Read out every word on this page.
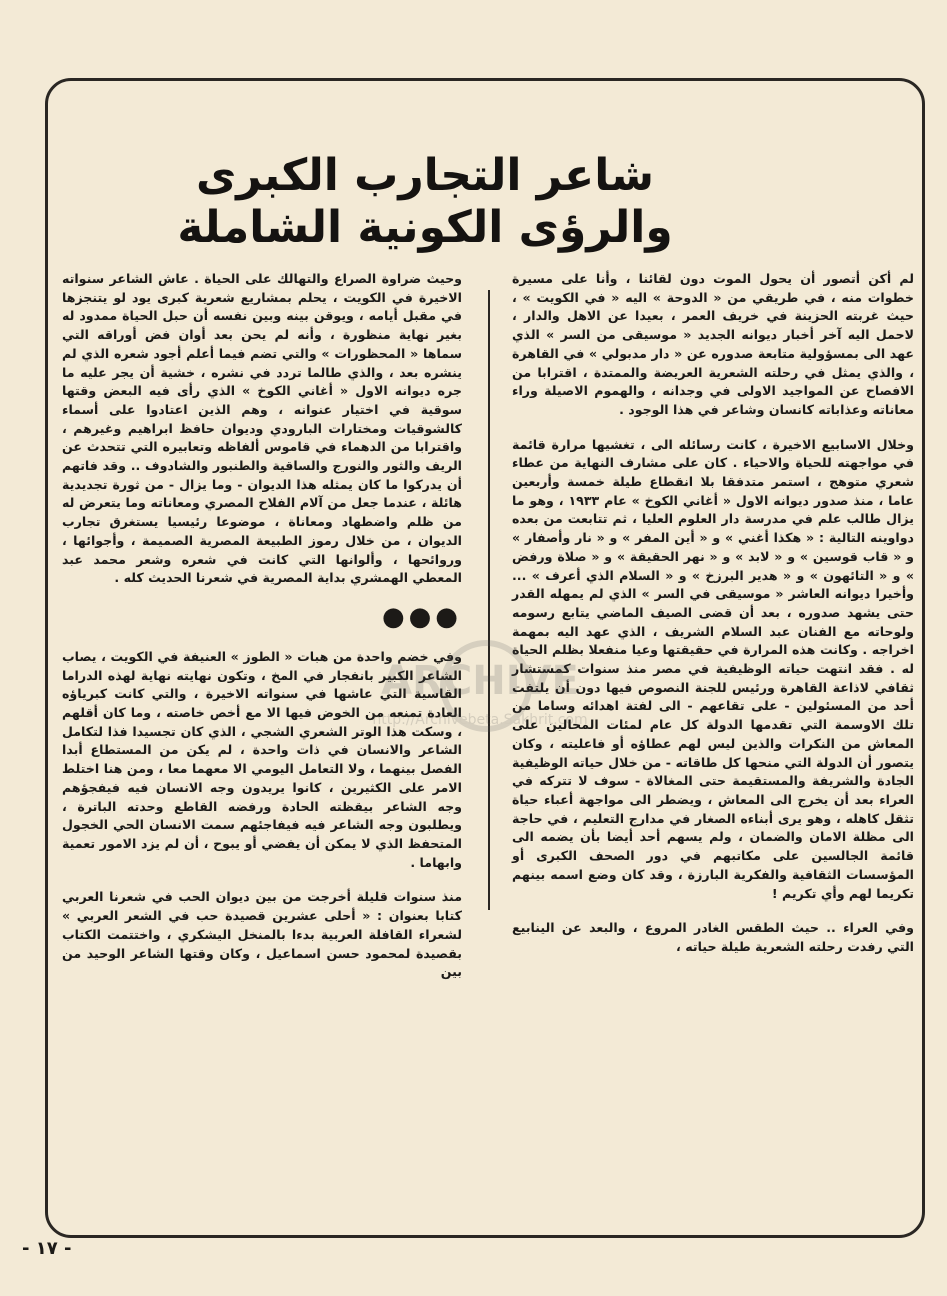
شاعر التجارب الكبرى
والرؤى الكونية الشاملة

لم أكن أتصور أن يحول الموت دون لقائنا ، وأنا على مسيرة خطوات منه ، في طريقي من « الدوحة » اليه « في الكويت » ، حيث غربته الحزينة في خريف العمر ، بعيدا عن الاهل والدار ، لاحمل اليه آخر أخبار ديوانه الجديد « موسيقى من السر » الذي عهد الى بمسؤولية متابعة صدوره عن « دار مدبولي » في القاهرة ، والذي يمثل في رحلته الشعرية العريضة والممتدة ، اقترابا من الافصاح عن المواجيد الاولى في وجدانه ، والهموم الاصيلة وراء معاناته وعذاباته كانسان وشاعر في هذا الوجود .

وخلال الاسابيع الاخيرة ، كانت رسائله الى ، تغشيها مرارة قائمة في مواجهته للحياة والاحياء . كان على مشارف النهاية من عطاء شعري متوهج ، استمر متدفقا بلا انقطاع طيلة خمسة وأربعين عاما ، منذ صدور ديوانه الاول « أغاني الكوخ » عام ١٩٣٣ ، وهو ما يزال طالب علم في مدرسة دار العلوم العليا ، ثم تتابعت من بعده دواوينه التالية : « هكذا أغني » و « أين المفر » و « نار وأصفار » و « قاب قوسين » و « لابد » و « نهر الحقيقة » و « صلاة ورفض » و « التائهون » و « هدير البرزخ » و « السلام الذي أعرف » ... وأخيرا ديوانه العاشر « موسيقى في السر » الذي لم يمهله القدر حتى يشهد صدوره ، بعد أن قضى الصيف الماضي يتابع رسومه ولوحاته مع الفنان عبد السلام الشريف ، الذي عهد اليه بمهمة اخراجه . وكانت هذه المرارة في حقيقتها وعيا منفعلا بظلم الحياة له . فقد انتهت حياته الوظيفية في مصر منذ سنوات كمستشار ثقافي لاذاعة القاهرة ورئيس للجنة النصوص فيها دون أن يلتفت أحد من المسئولين - على تقاعهم - الى لفتة اهدائه وساما من تلك الاوسمة التي تقدمها الدولة كل عام لمئات المحالين على المعاش من النكرات والذين ليس لهم عطاؤه أو فاعليته ، وكان يتصور أن الدولة التي منحها كل طاقاته - من خلال حياته الوظيفية الجادة والشريفة والمستقيمة حتى المغالاة - سوف لا تتركه في العراء بعد أن يخرج الى المعاش ، ويضطر الى مواجهة أعباء حياة تثقل كاهله ، وهو يرى أبناءه الصغار في مدارج التعليم ، في حاجة الى مظلة الامان والضمان ، ولم يسهم أحد أيضا بأن يضمه الى قائمة الجالسين على مكاتبهم في دور الصحف الكبرى أو المؤسسات الثقافية والفكرية البارزة ، وقد كان وضع اسمه بينهم تكريما لهم وأي تكريم !

وفي العراء .. حيث الطقس الغادر المروع ، والبعد عن الينابيع التي رفدت رحلته الشعرية طيلة حياته ،

وحيث ضراوة الصراع والتهالك على الحياة . عاش الشاعر سنواته الاخيرة في الكويت ، يحلم بمشاريع شعرية كبرى يود لو يتنجزها في مقبل أيامه ، ويوقن بينه وبين نفسه أن حبل الحياة ممدود له بغير نهاية منظورة ، وأنه لم يحن بعد أوان فض أوراقه التي سماها « المحظورات » والتي تضم فيما أعلم أجود شعره الذي لم ينشره بعد ، والذي طالما تردد في نشره ، خشية أن يجر عليه ما جره ديوانه الاول « أغاني الكوخ » الذي رأى فيه البعض وقتها سوقية في اختيار عنوانه ، وهم الذين اعتادوا على أسماء كالشوقيات ومختارات البارودي وديوان حافظ ابراهيم وغيرهم ، واقترابا من الدهماء في قاموس ألفاظه وتعابيره التي تتحدث عن الريف والثور والنورج والساقية والطنبور والشادوف .. وقد فاتهم أن يدركوا ما كان يمثله هذا الديوان - وما يزال - من ثورة تجديدية هائلة ، عندما جعل من آلام الفلاح المصري ومعاناته وما يتعرض له من ظلم واضطهاد ومعاناة ، موضوعا رئيسيا يستغرق تجارب الديوان ، من خلال رموز الطبيعة المصرية الصميمة ، وأجوائها ، وروائحها ، وألوانها التي كانت في شعره وشعر محمد عبد المعطي الهمشري بداية المصرية في شعرنا الحديث كله .

●●●

وفي خضم واحدة من هبات « الطوز » العنيفة في الكويت ، يصاب الشاعر الكبير بانفجار في المخ ، وتكون نهايته نهاية لهذه الدراما القاسية التي عاشها في سنواته الاخيرة ، والتي كانت كبرياؤه العادة تمنعه من الخوض فيها الا مع أخص خاصته ، وما كان أقلهم ، وسكت هذا الوتر الشعري الشجي ، الذي كان تجسيدا فذا لتكامل الشاعر والانسان في ذات واحدة ، لم يكن من المستطاع أبدا الفصل بينهما ، ولا التعامل اليومي الا معهما معا ، ومن هنا اختلط الامر على الكثيرين ، كانوا يريدون وجه الانسان فيه فيفجؤهم وجه الشاعر بيقظته الحادة ورفضه القاطع وحدته الباترة ، ويطلبون وجه الشاعر فيه فيفاجئهم سمت الانسان الحي الخجول المتحفظ الذي لا يمكن أن يفضي أو يبوح ، أن لم يزد الامور تعمية وابهاما .

منذ سنوات قليلة أخرجت من بين ديوان الحب في شعرنا العربي كتابا بعنوان : « أحلى عشرين قصيدة حب في الشعر العربي » لشعراء القافلة العربية بدءا بالمنخل اليشكري ، واختتمت الكتاب بقصيدة لمحمود حسن اسماعيل ، وكان وقتها الشاعر الوحيد من بين

ARCHIVE
http://Archivebeta.Sakhrit.com
- ١٧ -
